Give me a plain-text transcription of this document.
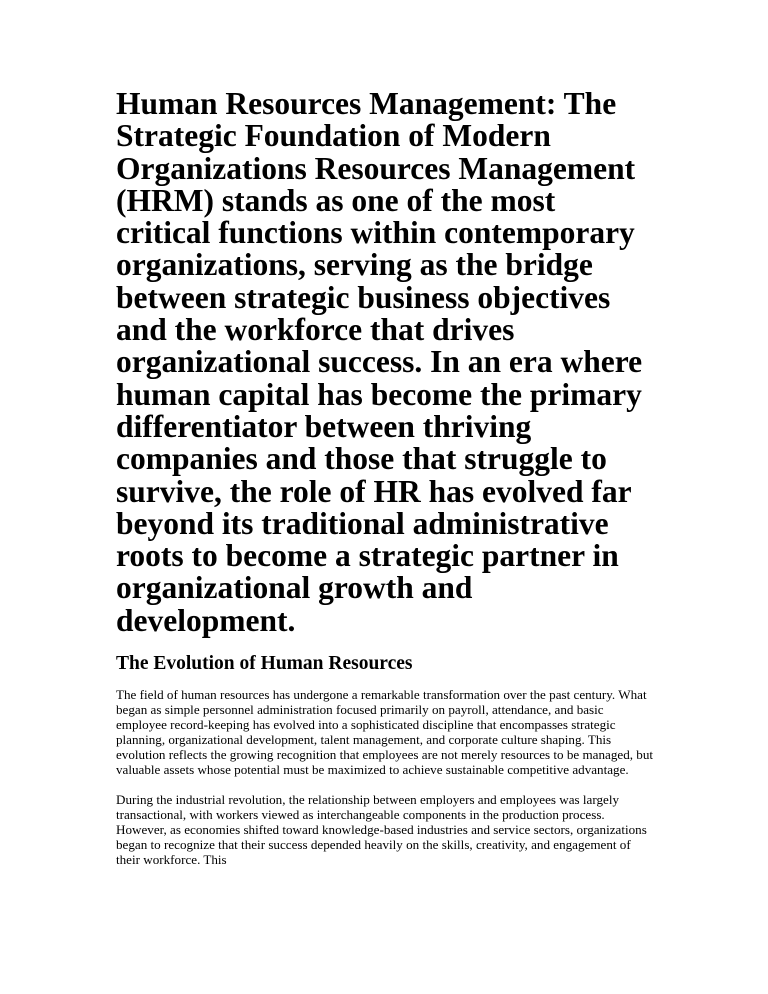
Human Resources Management: The Strategic Foundation of Modern Organizations Resources Management (HRM) stands as one of the most critical functions within contemporary organizations, serving as the bridge between strategic business objectives and the workforce that drives organizational success. In an era where human capital has become the primary differentiator between thriving companies and those that struggle to survive, the role of HR has evolved far beyond its traditional administrative roots to become a strategic partner in organizational growth and development.
The Evolution of Human Resources

The field of human resources has undergone a remarkable transformation over the past century. What began as simple personnel administration focused primarily on payroll, attendance, and basic employee record-keeping has evolved into a sophisticated discipline that encompasses strategic planning, organizational development, talent management, and corporate culture shaping. This evolution reflects the growing recognition that employees are not merely resources to be managed, but valuable assets whose potential must be maximized to achieve sustainable competitive advantage.

During the industrial revolution, the relationship between employers and employees was largely transactional, with workers viewed as interchangeable components in the production process. However, as economies shifted toward knowledge-based industries and service sectors, organizations began to recognize that their success depended heavily on the skills, creativity, and engagement of their workforce. This
